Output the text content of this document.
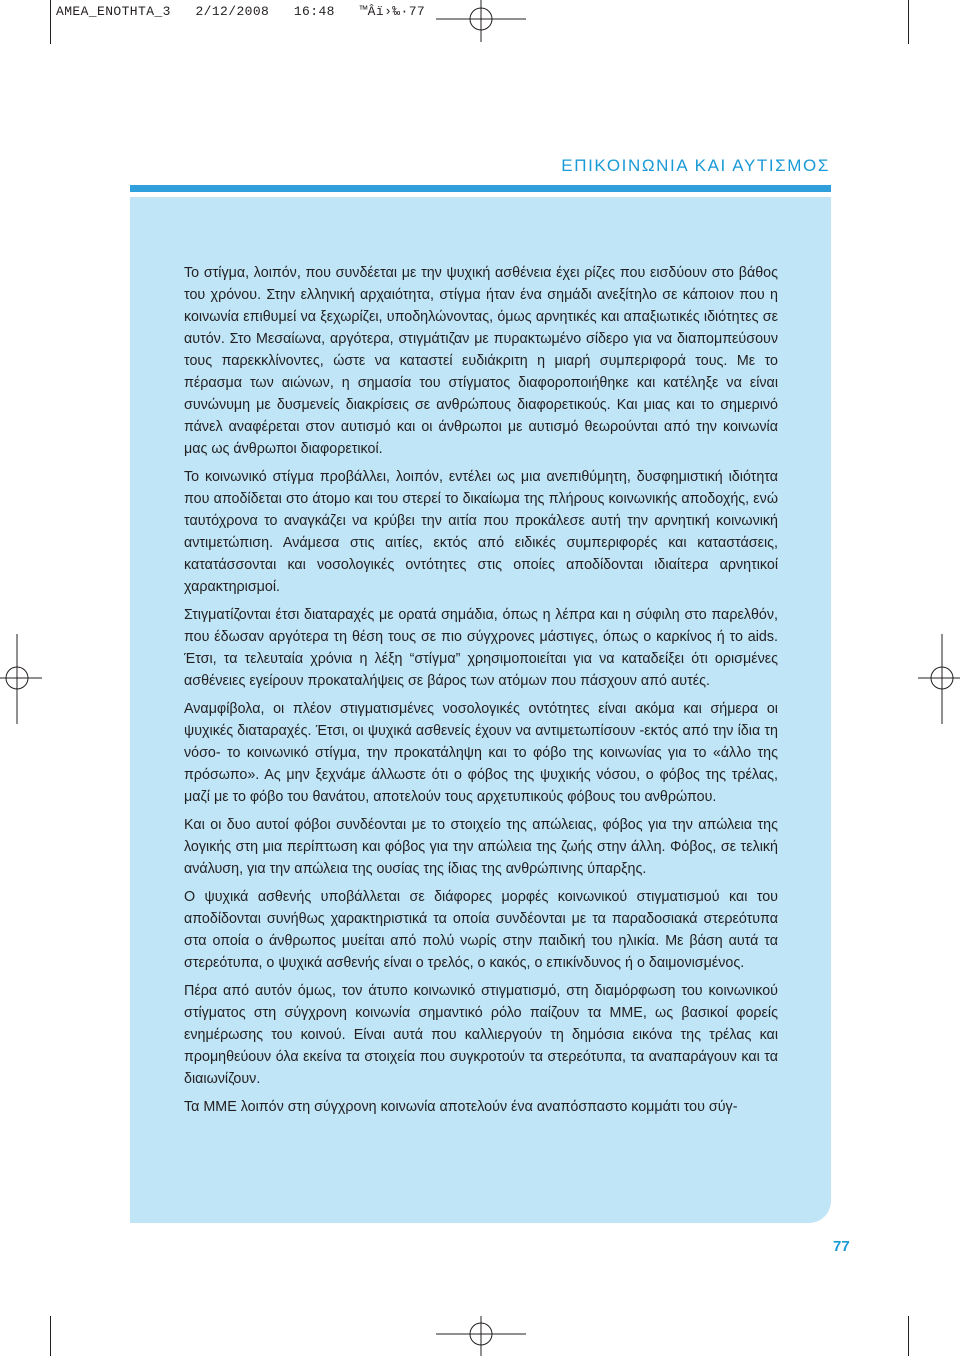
AMEA_ENOTHTA_3 2/12/2008 16:48 ™Âï›‰·77
ΕΠΙΚΟΙΝΩΝΙΑ ΚΑΙ ΑΥΤΙΣΜΟΣ

Το στίγμα, λοιπόν, που συνδέεται με την ψυχική ασθένεια έχει ρίζες που εισδύουν στο βάθος του χρόνου. Στην ελληνική αρχαιότητα, στίγμα ήταν ένα σημάδι ανεξίτηλο σε κάποιον που η κοινωνία επιθυμεί να ξεχωρίζει, υποδηλώνοντας, όμως αρνητικές και απαξιωτικές ιδιότητες σε αυτόν. Στο Μεσαίωνα, αργότερα, στιγμάτιζαν με πυρακτωμένο σίδερο για να διαπομπεύσουν τους παρεκκλίνοντες, ώστε να καταστεί ευδιάκριτη η μιαρή συμπεριφορά τους. Με το πέρασμα των αιώνων, η σημασία του στίγματος διαφοροποιήθηκε και κατέληξε να είναι συνώνυμη με δυσμενείς διακρίσεις σε ανθρώπους διαφορετικούς. Και μιας και το σημερινό πάνελ αναφέρεται στον αυτισμό και οι άνθρωποι με αυτισμό θεωρούνται από την κοινωνία μας ως άνθρωποι διαφορετικοί.

Το κοινωνικό στίγμα προβάλλει, λοιπόν, εντέλει ως μια ανεπιθύμητη, δυσφημιστική ιδιότητα που αποδίδεται στο άτομο και του στερεί το δικαίωμα της πλήρους κοινωνικής αποδοχής, ενώ ταυτόχρονα το αναγκάζει να κρύβει την αιτία που προκάλεσε αυτή την αρνητική κοινωνική αντιμετώπιση. Ανάμεσα στις αιτίες, εκτός από ειδικές συμπεριφορές και καταστάσεις, κατατάσσονται και νοσολογικές οντότητες στις οποίες αποδίδονται ιδιαίτερα αρνητικοί χαρακτηρισμοί.

Στιγματίζονται έτσι διαταραχές με ορατά σημάδια, όπως η λέπρα και η σύφιλη στο παρελθόν, που έδωσαν αργότερα τη θέση τους σε πιο σύγχρονες μάστιγες, όπως ο καρκίνος ή το aids. Έτσι, τα τελευταία χρόνια η λέξη “στίγμα” χρησιμοποιείται για να καταδείξει ότι ορισμένες ασθένειες εγείρουν προκαταλήψεις σε βάρος των ατόμων που πάσχουν από αυτές.

Αναμφίβολα, οι πλέον στιγματισμένες νοσολογικές οντότητες είναι ακόμα και σήμερα οι ψυχικές διαταραχές. Έτσι, οι ψυχικά ασθενείς έχουν να αντιμετωπίσουν -εκτός από την ίδια τη νόσο- το κοινωνικό στίγμα, την προκατάληψη και το φόβο της κοινωνίας για το «άλλο της πρόσωπο». Ας μην ξεχνάμε άλλωστε ότι ο φόβος της ψυχικής νόσου, ο φόβος της τρέλας, μαζί με το φόβο του θανάτου, αποτελούν τους αρχετυπικούς φόβους του ανθρώπου.

Και οι δυο αυτοί φόβοι συνδέονται με το στοιχείο της απώλειας, φόβος για την απώλεια της λογικής στη μια περίπτωση και φόβος για την απώλεια της ζωής στην άλλη. Φόβος, σε τελική ανάλυση, για την απώλεια της ουσίας της ίδιας της ανθρώπινης ύπαρξης.

Ο ψυχικά ασθενής υποβάλλεται σε διάφορες μορφές κοινωνικού στιγματισμού και του αποδίδονται συνήθως χαρακτηριστικά τα οποία συνδέονται με τα παραδοσιακά στερεότυπα στα οποία ο άνθρωπος μυείται από πολύ νωρίς στην παιδική του ηλικία. Με βάση αυτά τα στερεότυπα, ο ψυχικά ασθενής είναι ο τρελός, ο κακός, ο επικίνδυνος ή ο δαιμονισμένος.

Πέρα από αυτόν όμως, τον άτυπο κοινωνικό στιγματισμό, στη διαμόρφωση του κοινωνικού στίγματος στη σύγχρονη κοινωνία σημαντικό ρόλο παίζουν τα ΜΜΕ, ως βασικοί φορείς ενημέρωσης του κοινού. Είναι αυτά που καλλιεργούν τη δημόσια εικόνα της τρέλας και προμηθεύουν όλα εκείνα τα στοιχεία που συγκροτούν τα στερεότυπα, τα αναπαράγουν και τα διαιωνίζουν.

Τα ΜΜΕ λοιπόν στη σύγχρονη κοινωνία αποτελούν ένα αναπόσπαστο κομμάτι του σύγ-

77
